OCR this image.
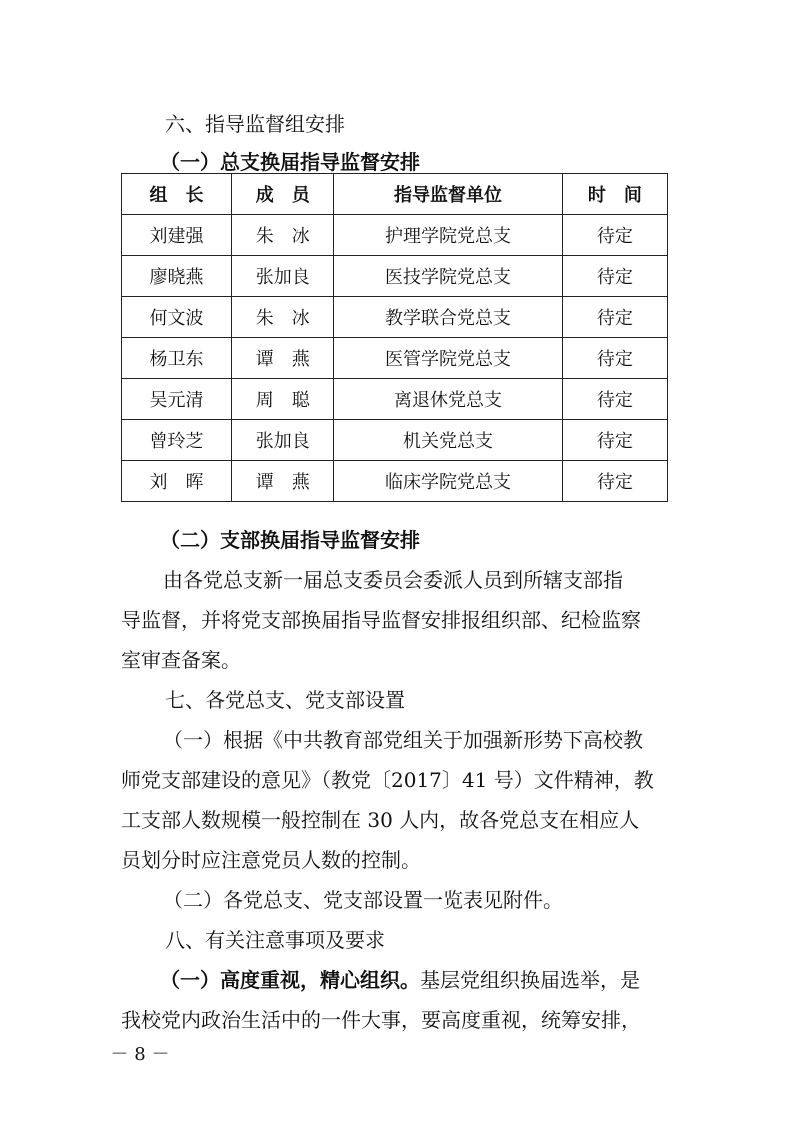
六、指导监督组安排
（一）总支换届指导监督安排
组　长	成　员	指导监督单位	时　间
刘建强	朱　冰	护理学院党总支	待定
廖晓燕	张加良	医技学院党总支	待定
何文波	朱　冰	教学联合党总支	待定
杨卫东	谭　燕	医管学院党总支	待定
吴元清	周　聪	离退休党总支	待定
曾玲芝	张加良	机关党总支	待定
刘　晖	谭　燕	临床学院党总支	待定
（二）支部换届指导监督安排
由各党总支新一届总支委员会委派人员到所辖支部指
导监督，并将党支部换届指导监督安排报组织部、纪检监察
室审查备案。
七、各党总支、党支部设置
（一）根据《中共教育部党组关于加强新形势下高校教
师党支部建设的意见》（教党〔2017〕41 号）文件精神，教
工支部人数规模一般控制在 30 人内，故各党总支在相应人
员划分时应注意党员人数的控制。
（二）各党总支、党支部设置一览表见附件。
八、有关注意事项及要求
（一）高度重视，精心组织。基层党组织换届选举，是
我校党内政治生活中的一件大事，要高度重视，统筹安排，
－ 8 －
